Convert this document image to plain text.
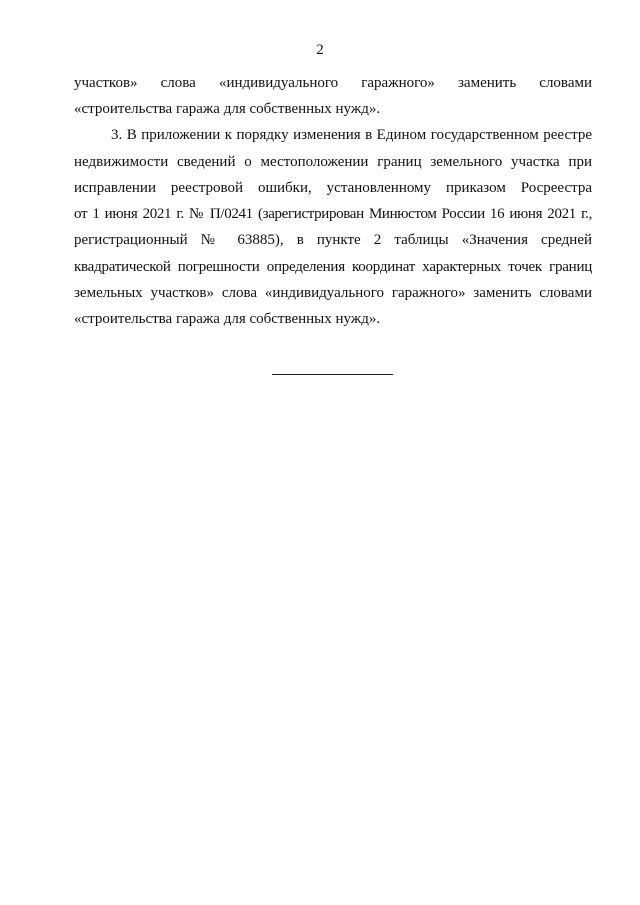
2
участков» слова «индивидуального гаражного» заменить словами
«строительства гаража для собственных нужд».
3. В приложении к порядку изменения в Едином государственном реестре
недвижимости сведений о местоположении границ земельного участка при
исправлении реестровой ошибки, установленному приказом Росреестра
от 1 июня 2021 г. № П/0241 (зарегистрирован Минюстом России 16 июня 2021 г.,
регистрационный № 63885), в пункте 2 таблицы «Значения средней
квадратической погрешности определения координат характерных точек границ
земельных участков» слова «индивидуального гаражного» заменить словами
«строительства гаража для собственных нужд».
